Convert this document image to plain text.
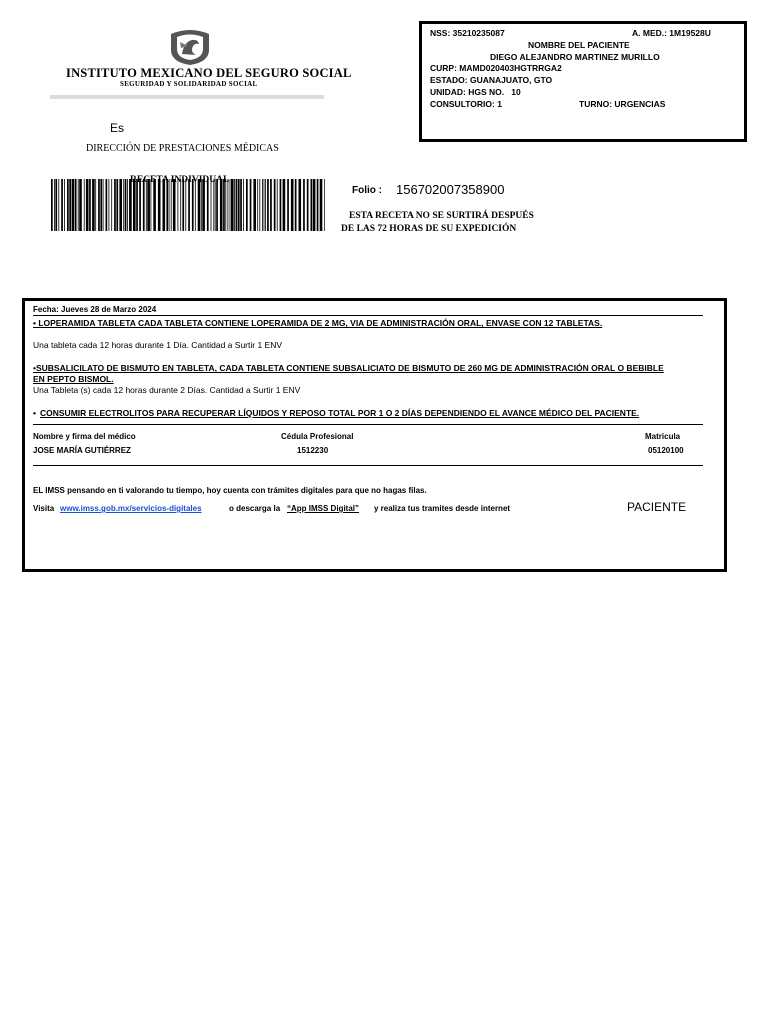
INSTITUTO MEXICANO DEL SEGURO SOCIAL
SEGURIDAD Y SOLIDARIDAD SOCIAL
Es
DIRECCIÓN DE PRESTACIONES MÉDICAS
RECETA INDIVIDUAL
Folio : 156702007358900
ESTA RECETA NO SE SURTIRÁ DESPUÉS
DE LAS 72 HORAS DE SU EXPEDICIÓN
NSS: 35210235087	A. MED.: 1M19528U
NOMBRE DEL PACIENTE
DIEGO ALEJANDRO MARTINEZ MURILLO
CURP: MAMD020403HGTRRGA2
ESTADO: GUANAJUATO, GTO
UNIDAD: HGS NO.   10
CONSULTORIO: 1	TURNO: URGENCIAS
Fecha: Jueves 28 de Marzo 2024
• LOPERAMIDA TABLETA CADA TABLETA CONTIENE LOPERAMIDA DE 2 MG, VIA DE ADMINISTRACIÓN ORAL, ENVASE CON 12 TABLETAS.
Una tableta cada 12 horas durante 1 Día. Cantidad a Surtir 1 ENV
•SUBSALICILATO DE BISMUTO EN TABLETA, CADA TABLETA CONTIENE SUBSALICIATO DE BISMUTO DE 260 MG DE ADMINISTRACIÓN ORAL O BEBIBLE
EN PEPTO BISMOL.
Una Tableta (s) cada 12 horas durante 2 Días. Cantidad a Surtir 1 ENV
• CONSUMIR ELECTROLITOS PARA RECUPERAR LÍQUIDOS Y REPOSO TOTAL POR 1 O 2 DÍAS DEPENDIENDO EL AVANCE MÉDICO DEL PACIENTE.
Nombre y firma del médico	Cédula Profesional	Matricula
JOSE MARÍA GUTIÉRREZ	1512230	05120100
EL IMSS pensando en ti valorando tu tiempo, hoy cuenta con trámites digitales para que no hagas filas.
Visita www.imss.gob.mx/servicios-digitales	o descarga la “App IMSS Digital” y realiza tus tramites desde internet	PACIENTE
